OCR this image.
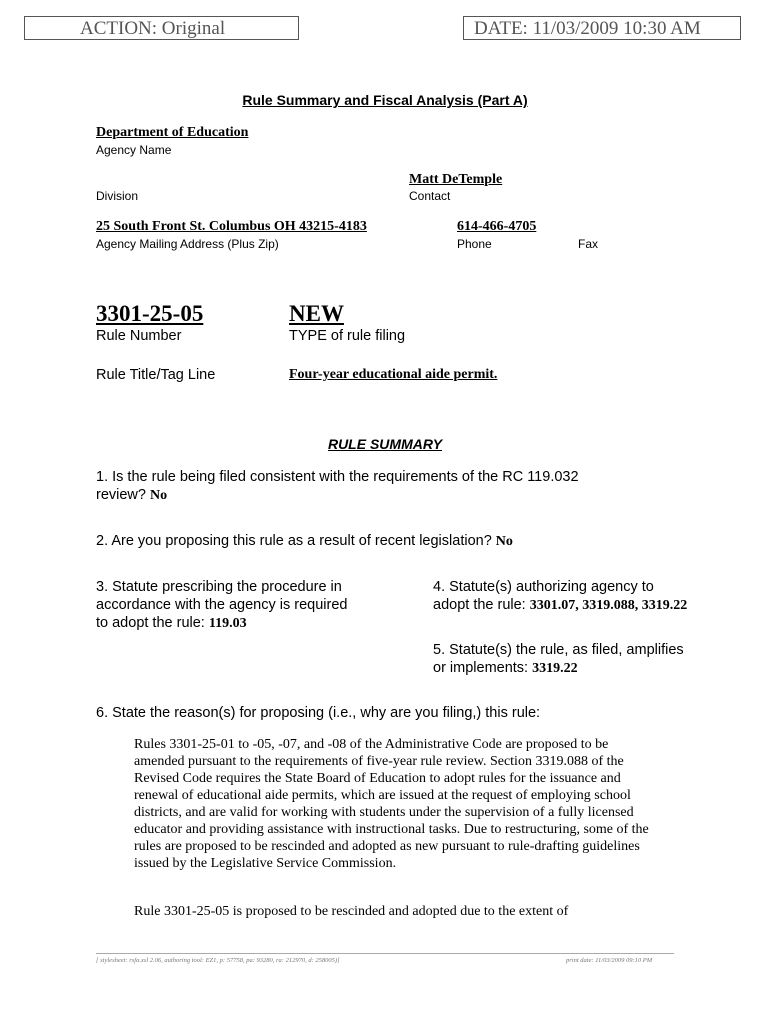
ACTION: Original	DATE: 11/03/2009 10:30 AM
Rule Summary and Fiscal Analysis (Part A)
Department of Education
Agency Name
Matt DeTemple
Division	Contact
25 South Front St. Columbus OH 43215-4183	614-466-4705
Agency Mailing Address (Plus Zip)	Phone	Fax
3301-25-05	NEW
Rule Number	TYPE of rule filing
Rule Title/Tag Line	Four-year educational aide permit.
RULE SUMMARY
1. Is the rule being filed consistent with the requirements of the RC 119.032
review? No
2. Are you proposing this rule as a result of recent legislation? No
3. Statute prescribing the procedure in
accordance with the agency is required
to adopt the rule: 119.03
4. Statute(s) authorizing agency to
adopt the rule: 3301.07, 3319.088, 3319.22
5. Statute(s) the rule, as filed, amplifies
or implements: 3319.22
6. State the reason(s) for proposing (i.e., why are you filing,) this rule:
Rules 3301-25-01 to -05, -07, and -08 of the Administrative Code are proposed to be amended pursuant to the requirements of five-year rule review. Section 3319.088 of the Revised Code requires the State Board of Education to adopt rules for the issuance and renewal of educational aide permits, which are issued at the request of employing school districts, and are valid for working with students under the supervision of a fully licensed educator and providing assistance with instructional tasks. Due to restructuring, some of the rules are proposed to be rescinded and adopted as new pursuant to rule-drafting guidelines issued by the Legislative Service Commission.
Rule 3301-25-05 is proposed to be rescinded and adopted due to the extent of
[ stylesheet: rsfa.xsl 2.06, authoring tool: EZ1, p: 57758, pa: 93280, ra: 212970, d: 258005)]	print date: 11/03/2009 09:10 PM
